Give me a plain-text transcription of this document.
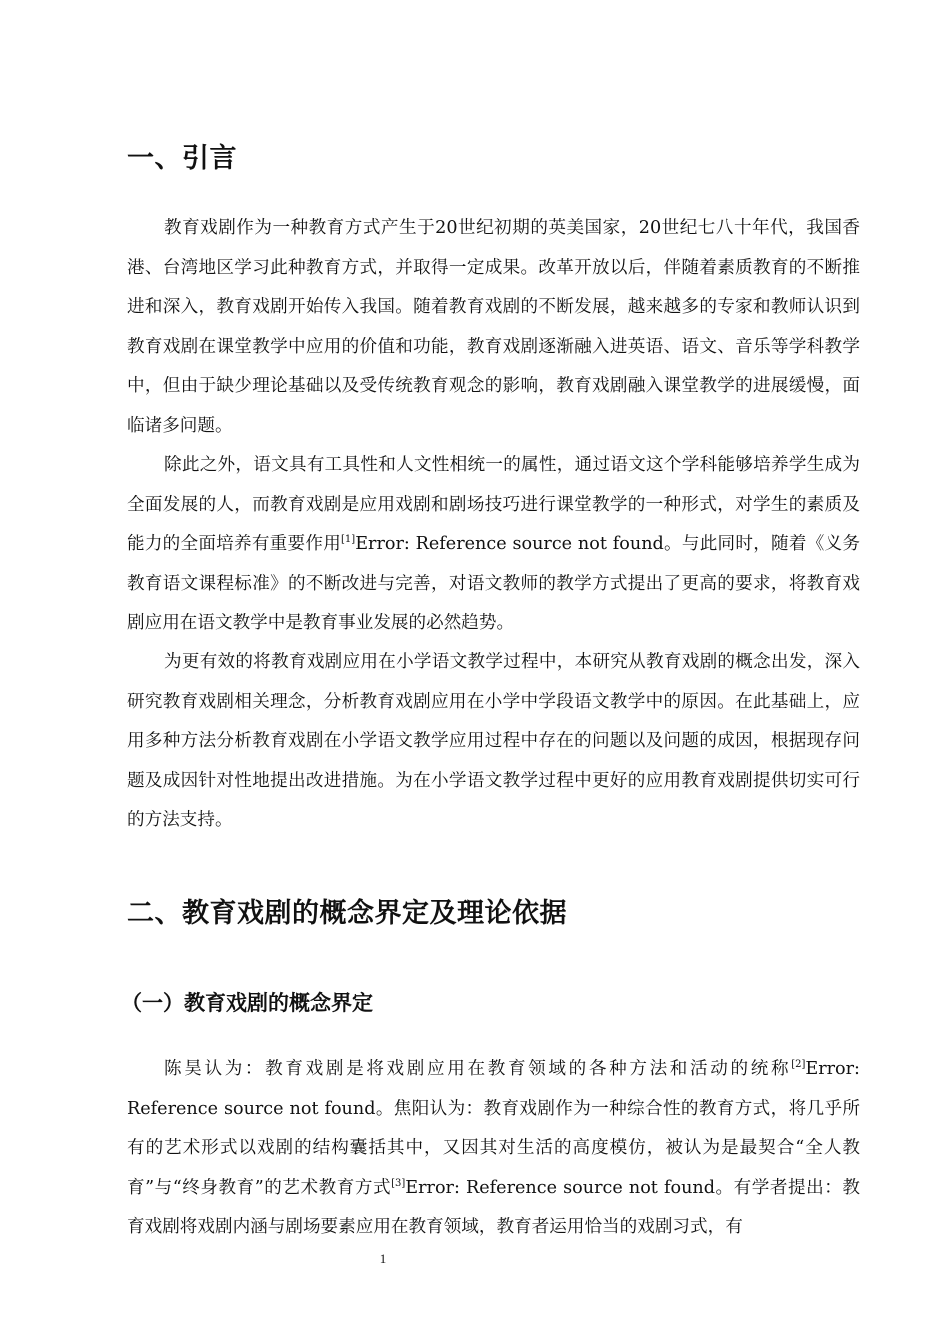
一、引言

教育戏剧作为一种教育方式产生于20世纪初期的英美国家，20世纪七八十年代，我国香港、台湾地区学习此种教育方式，并取得一定成果。改革开放以后，伴随着素质教育的不断推进和深入，教育戏剧开始传入我国。随着教育戏剧的不断发展，越来越多的专家和教师认识到教育戏剧在课堂教学中应用的价值和功能，教育戏剧逐渐融入进英语、语文、音乐等学科教学中，但由于缺少理论基础以及受传统教育观念的影响，教育戏剧融入课堂教学的进展缓慢，面临诸多问题。

除此之外，语文具有工具性和人文性相统一的属性，通过语文这个学科能够培养学生成为全面发展的人，而教育戏剧是应用戏剧和剧场技巧进行课堂教学的一种形式，对学生的素质及能力的全面培养有重要作用[1]Error: Reference source not found。与此同时，随着《义务教育语文课程标准》的不断改进与完善，对语文教师的教学方式提出了更高的要求，将教育戏剧应用在语文教学中是教育事业发展的必然趋势。

为更有效的将教育戏剧应用在小学语文教学过程中，本研究从教育戏剧的概念出发，深入研究教育戏剧相关理念，分析教育戏剧应用在小学中学段语文教学中的原因。在此基础上，应用多种方法分析教育戏剧在小学语文教学应用过程中存在的问题以及问题的成因，根据现存问题及成因针对性地提出改进措施。为在小学语文教学过程中更好的应用教育戏剧提供切实可行的方法支持。

二、教育戏剧的概念界定及理论依据
（一）教育戏剧的概念界定

陈昊认为：教育戏剧是将戏剧应用在教育领域的各种方法和活动的统称[2]Error: Reference source not found。焦阳认为：教育戏剧作为一种综合性的教育方式，将几乎所有的艺术形式以戏剧的结构囊括其中，又因其对生活的高度模仿，被认为是最契合“全人教育”与“终身教育”的艺术教育方式[3]Error: Reference source not found。有学者提出：教育戏剧将戏剧内涵与剧场要素应用在教育领域，教育者运用恰当的戏剧习式，有

1
